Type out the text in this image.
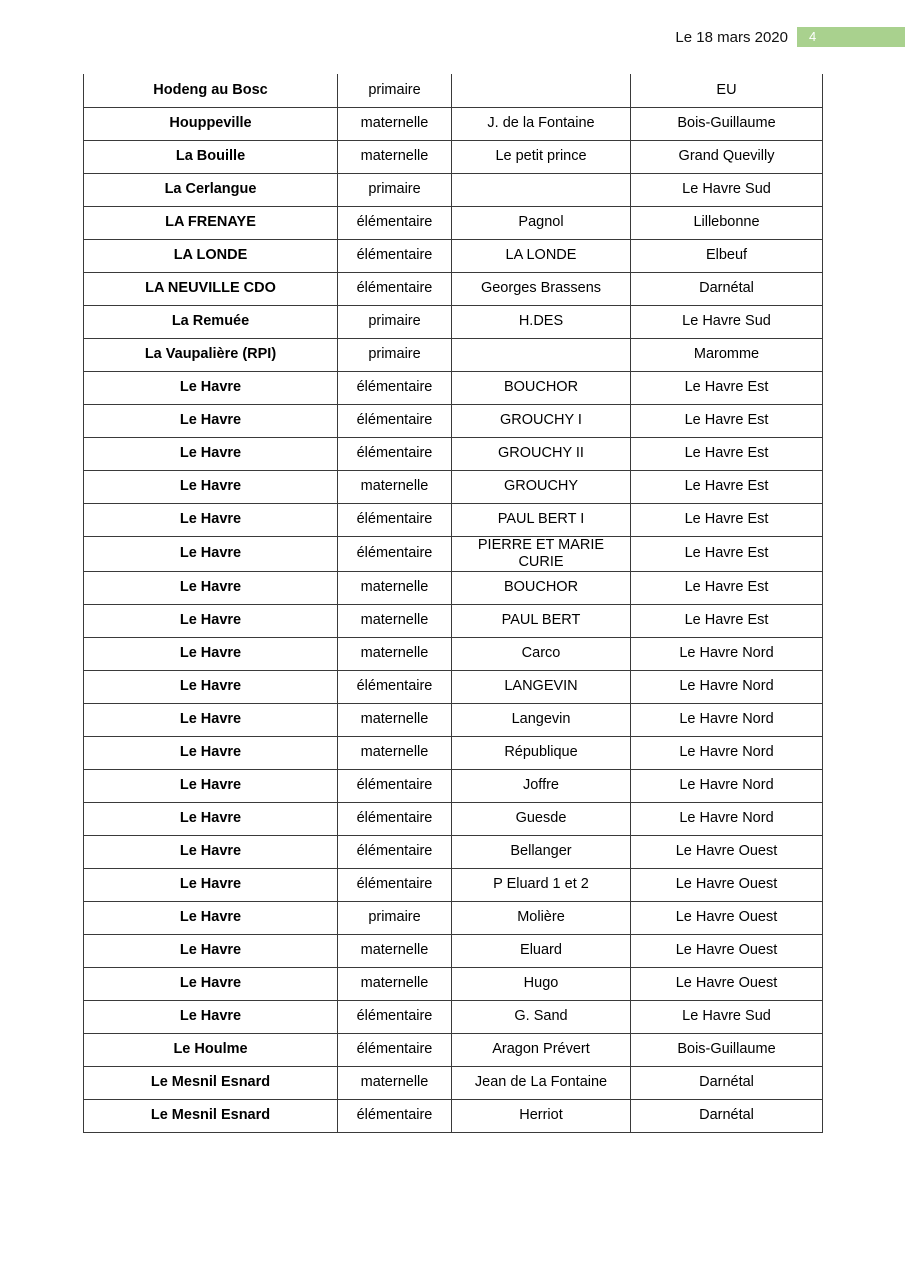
Le 18 mars 2020	4
Hodeng au Bosc	primaire		EU
Houppeville	maternelle	J. de la Fontaine	Bois-Guillaume
La Bouille	maternelle	Le petit prince	Grand Quevilly
La Cerlangue	primaire		Le Havre Sud
LA FRENAYE	élémentaire	Pagnol	Lillebonne
LA LONDE	élémentaire	LA LONDE	Elbeuf
LA NEUVILLE CDO	élémentaire	Georges Brassens	Darnétal
La Remuée	primaire	H.DES	Le Havre Sud
La Vaupalière (RPI)	primaire		Maromme
Le Havre	élémentaire	BOUCHOR	Le Havre Est
Le Havre	élémentaire	GROUCHY I	Le Havre Est
Le Havre	élémentaire	GROUCHY II	Le Havre Est
Le Havre	maternelle	GROUCHY	Le Havre Est
Le Havre	élémentaire	PAUL BERT I	Le Havre Est
Le Havre	élémentaire	PIERRE ET MARIE CURIE	Le Havre Est
Le Havre	maternelle	BOUCHOR	Le Havre Est
Le Havre	maternelle	PAUL BERT	Le Havre Est
Le Havre	maternelle	Carco	Le Havre Nord
Le Havre	élémentaire	LANGEVIN	Le Havre Nord
Le Havre	maternelle	Langevin	Le Havre Nord
Le Havre	maternelle	République	Le Havre Nord
Le Havre	élémentaire	Joffre	Le Havre Nord
Le Havre	élémentaire	Guesde	Le Havre Nord
Le Havre	élémentaire	Bellanger	Le Havre Ouest
Le Havre	élémentaire	P Eluard 1 et 2	Le Havre Ouest
Le Havre	primaire	Molière	Le Havre Ouest
Le Havre	maternelle	Eluard	Le Havre Ouest
Le Havre	maternelle	Hugo	Le Havre Ouest
Le Havre	élémentaire	G. Sand	Le Havre Sud
Le Houlme	élémentaire	Aragon Prévert	Bois-Guillaume
Le Mesnil Esnard	maternelle	Jean de La Fontaine	Darnétal
Le Mesnil Esnard	élémentaire	Herriot	Darnétal
